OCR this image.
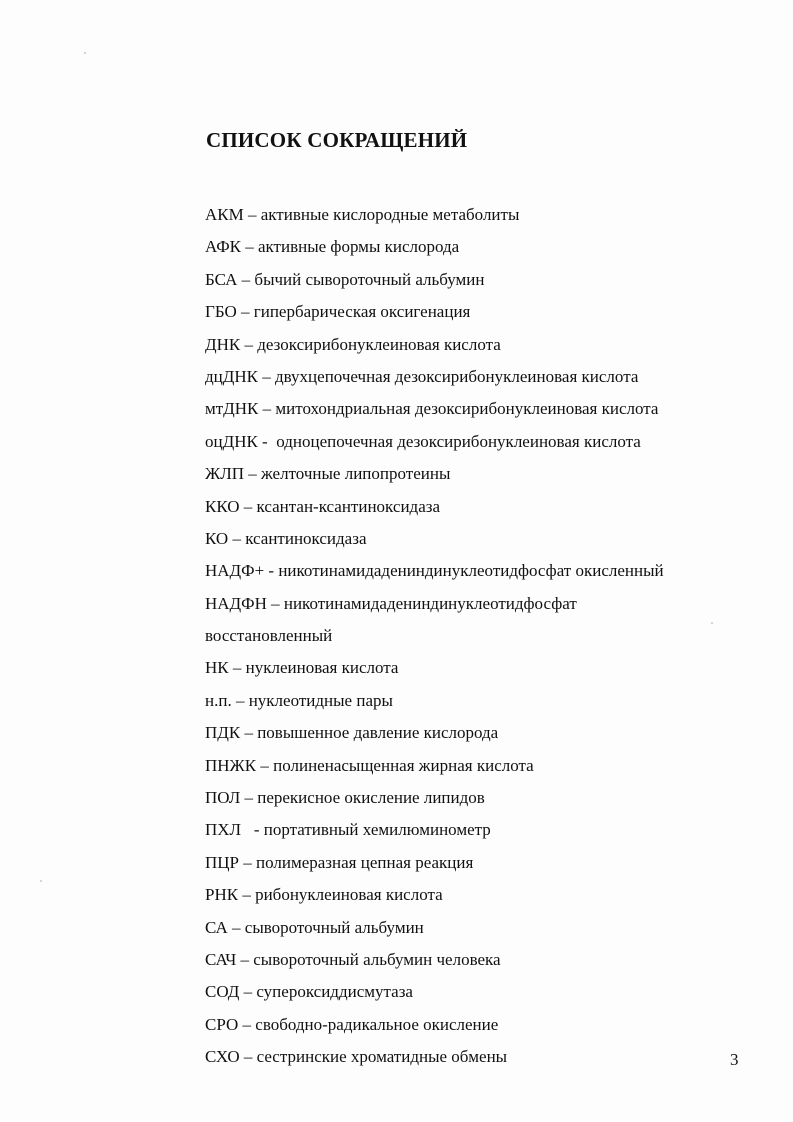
СПИСОК СОКРАЩЕНИЙ
АКМ – активные кислородные метаболиты
АФК – активные формы кислорода
БСА – бычий сывороточный альбумин
ГБО – гипербарическая оксигенация
ДНК – дезоксирибонуклеиновая кислота
дцДНК – двухцепочечная дезоксирибонуклеиновая кислота
мтДНК – митохондриальная дезоксирибонуклеиновая кислота
оцДНК -  одноцепочечная дезоксирибонуклеиновая кислота
ЖЛП – желточные липопротеины
ККО – ксантан-ксантиноксидаза
КО – ксантиноксидаза
НАДФ+ - никотинамидадениндинуклеотидфосфат окисленный
НАДФН – никотинамидадениндинуклеотидфосфат
восстановленный
НК – нуклеиновая кислота
н.п. – нуклеотидные пары
ПДК – повышенное давление кислорода
ПНЖК – полиненасыщенная жирная кислота
ПОЛ – перекисное окисление липидов
ПХЛ   - портативный хемилюминометр
ПЦР – полимеразная цепная реакция
РНК – рибонуклеиновая кислота
СА – сывороточный альбумин
САЧ – сывороточный альбумин человека
СОД – супероксиддисмутаза
СРО – свободно-радикальное окисление
СХО – сестринские хроматидные обмены	3
